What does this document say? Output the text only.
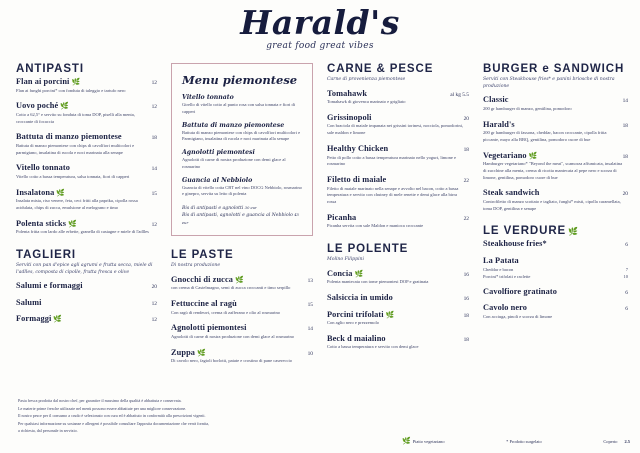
Harald's
great food great vibes
ANTIPASTI
Flan ai porcini 🌿	12
Flan ai funghi porcini* con fonduta di taleggio e tartufo nero
Uovo poché 🌿	12
Cotto a 62,5° e servito su fonduta di toma DOP, piselli alla menta, croccante di focaccia
Battuta di manzo piemontese	18
Battuta di manzo piemontese con chips di cavolfiori multicolori e parmigiano, insalatina di rucola e noci marinata alla senape
Vitello tonnato	14
Vitello cotto a bassa temperatura, salsa tonnata, fiori di capperi
Insalatona 🌿	15
Insalata mista, riso venere, feta, ceci fritti alla paprika, cipolla rossa acidulata, chips di zucca, emulsione al melograno e timo
Polenta sticks 🌿	12
Polenta fritta con lardo alle erbette, granella di castagne e miele di l'adlles
TAGLIERI
Serviti con pan d'epice agli agrumi e frutta secca, miele di l'adlles, composta di cipolle, frutta fresca e olive
Salumi e formaggi	20
Salumi	12
Formaggi 🌿	12
Menu piemontese
Vitello tonnato
Girello di vitello cotto al punto rosa con salsa tonnata e fiori di capperi
Battuta di manzo piemontese
Battuta di manzo piemontese con chips di cavolfiori multicolori e Parmigiano, insalatina di rucola e noci marinata alla senape
Agnolotti piemontesi
Agnolotti di carne di nostra produzione con demi glace al rosmarino
Guancia al Nebbiolo
Guancia di vitello cotta CBT nel vino DOCG Nebbiolo, rosmarino e ginepro, servita su letto di polenta
Bis di antipasti e agnolotti 30 eur
Bis di antipasti, agnolotti e guancia al Nebbiolo 45 eur
LE PASTE
Di nostra produzione
Gnocchi di zucca 🌿	13
con crema di Castelmagno, semi di zucca croccanti e timo serpillo
Fettuccine al ragù	15
Con ragù di rendeuvi, crema di zafferano e olio al rosmarino
Agnolotti piemontesi	14
Agnolotti di carne di nostra produzione con demi glace al rosmarino
Zuppa 🌿	10
Di cavolo nero, fagioli borlotti, patate e crostino di pane casereccio
CARNE & PESCE
Carne di provenienza piemontese
Tomahawk	al kg 5.5
Tomahawk di giovenca marinato e grigliato
Grissinopoli	20
Con braciola di maiale impanata nei grissini torinesi, nocciola, pomodorini, sale maldon e limone
Healthy Chicken	18
Petto di pollo cotto a bassa temperatura marinato nello yogurt, limone e rosmarino
Filetto di maiale	22
Filetto di maiale marinato nella senape e avvolto nel bacon, cotto a bassa temperatura e servito con chutney di mele renette e demi glace alla birra rossa
Picanha	22
Picanha servita con sale Maldon e manioca croccante
LE POLENTE
Molino Filippini
Concia 🌿	16
Polenta mantecata con tome piemontesi DOP e gratinata
Salsiccia in umido	16
Porcini trifolati 🌿	18
Con aglio nero e prezzemolo
Beck d maialino	18
Cotto a bassa temperatura e servito con demi glace
BURGER e SANDWICH
Serviti con Steakhouse fries* e panini briosche di nostra produzione
Classic	14
200 gr hamburger di manzo, gentilina, pomodoro
Harald's	18
200 gr hamburger di fassona, cheddar, bacon croccante, cipolla fritta piccante, mayo alla BBQ, gentilina, pomodoro cuore di bue
Vegetariano 🌿	18
Hamburger vegetariano* "Beyond the meat", scamorza affumicata, insalatina di zucchine alla menta, crema di ricotta mantecata al pepe nero e scorza di limone, gentilina, pomodoro cuore di bue
Steak sandwich	20
Controfiletto di manzo scottato e tagliato, funghi* misti, cipolla caramellata, toma DOP, gentilina e senape
LE VERDURE 🌿
Steakhouse fries*	6
La Patata
Cheddar e bacon	7
Porcini* trifolati e raclette	10
Cavolfiore gratinato	6
Cavolo nero	6
Con acciuga, pinoli e scorza di limone
Pasta fresca prodotta dal nostro chef, per garantire il massimo della qualità è abbattuta e conservata.
Le materie prime fresche utilizzate nel menù possono essere abbattute per una migliore conservazione.
Il nostro pesce per il consumo a crudo è selezionato con cura ed è abbattuto in conformità alla prescrizioni vigenti.
Per qualsiasi informazione su sostanze e allergeni è possibile consultare l'apposita documentazione che verrà fornita,
a richiesta, dal personale in servizio.
🌿 Piatto vegetariano	* Prodotto surgelato	Coperto 2.5
